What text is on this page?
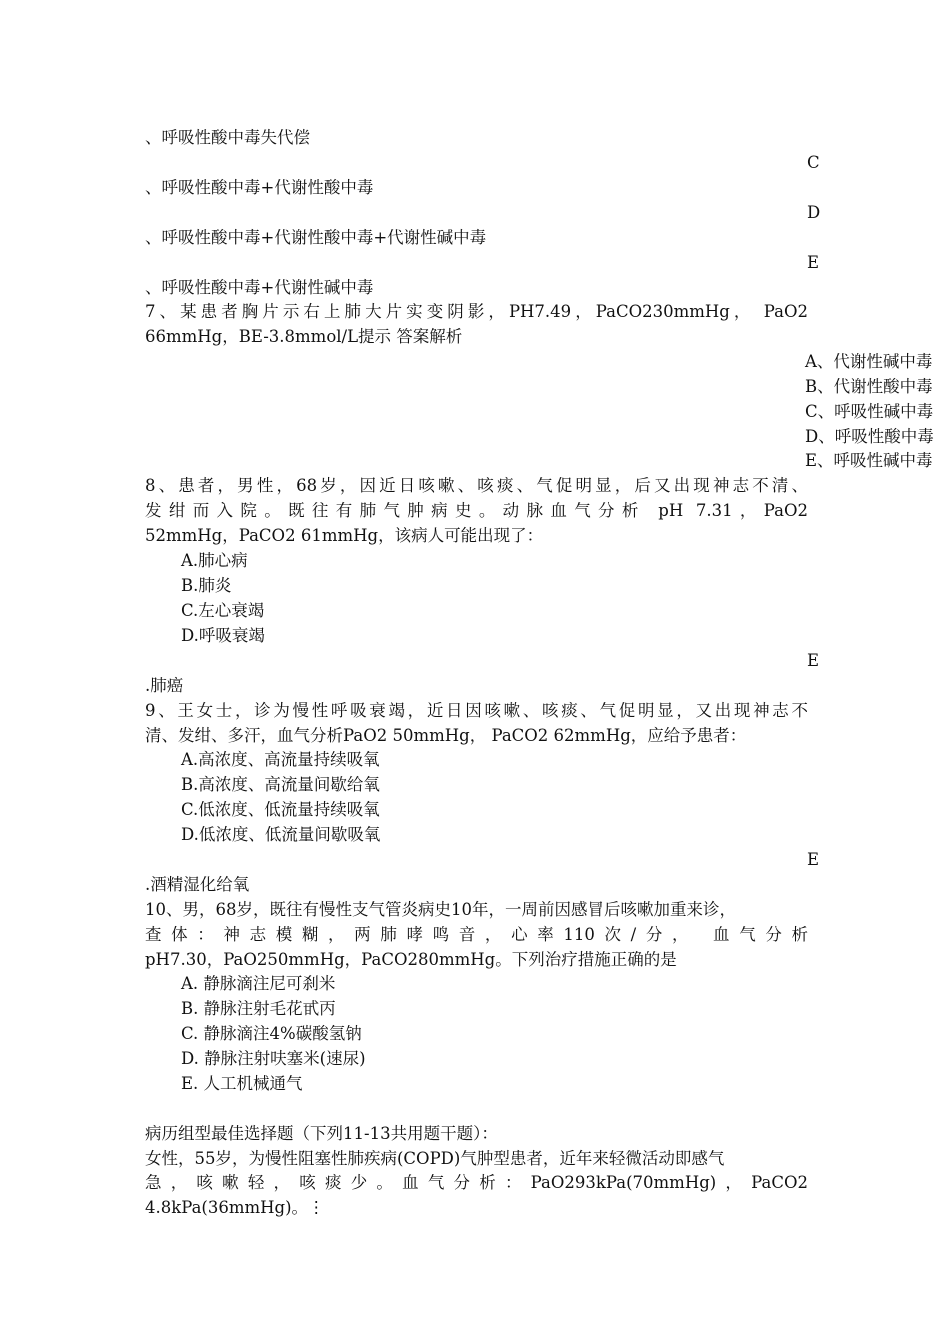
、呼吸性酸中毒失代偿
C
、呼吸性酸中毒+代谢性酸中毒
D
、呼吸性酸中毒+代谢性酸中毒+代谢性碱中毒
E
、呼吸性酸中毒+代谢性碱中毒
7、某患者胸片示右上肺大片实变阴影，PH7.49，PaCO230mmHg， PaO2
66mmHg，BE-3.8mmol/L提示 答案解析
A、代谢性碱中毒
B、代谢性酸中毒
C、呼吸性碱中毒
D、呼吸性酸中毒
E、呼吸性碱中毒
8、患者，男性，68岁，因近日咳嗽、咳痰、气促明显，后又出现神志不清、
发绀而入院。既往有肺气肿病史。动脉血气分析 pH 7.31，PaO2
52mmHg，PaCO2 61mmHg，该病人可能出现了：
A.肺心病
B.肺炎
C.左心衰竭
D.呼吸衰竭
E
.肺癌
9、王女士，诊为慢性呼吸衰竭，近日因咳嗽、咳痰、气促明显，又出现神志不
清、发绀、多汗，血气分析PaO2 50mmHg， PaCO2 62mmHg，应给予患者：
A.高浓度、高流量持续吸氧
B.高浓度、高流量间歇给氧
C.低浓度、低流量持续吸氧
D.低浓度、低流量间歇吸氧
E
.酒精湿化给氧
10、男，68岁，既往有慢性支气管炎病史10年，一周前因感冒后咳嗽加重来诊，
查体：神志模糊，两肺哮鸣音，心率110次/分， 血气分析
pH7.30，PaO250mmHg，PaCO280mmHg。下列治疗措施正确的是
A. 静脉滴注尼可刹米
B. 静脉注射毛花甙丙
C. 静脉滴注4%碳酸氢钠
D. 静脉注射呋塞米(速尿)
E. 人工机械通气
病历组型最佳选择题（下列11-13共用题干题）：
女性，55岁，为慢性阻塞性肺疾病(COPD)气肿型患者，近年来轻微活动即感气
急，咳嗽轻，咳痰少。血气分析：PaO293kPa(70mmHg)，PaCO2
4.8kPa(36mmHg)。⋮
